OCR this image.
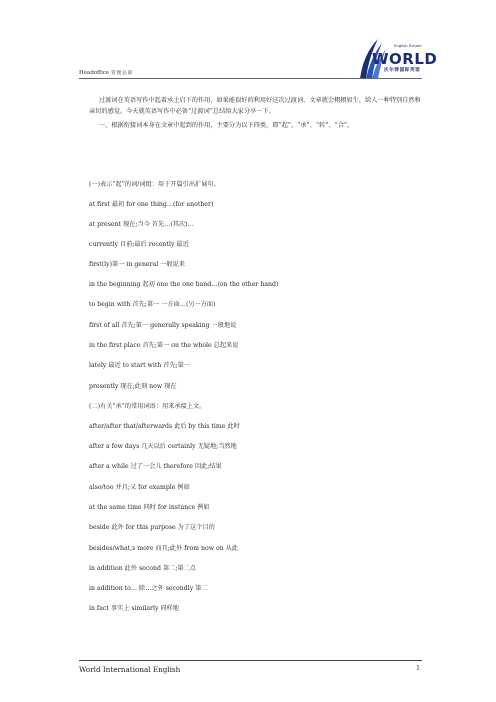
Headoffice 管理总部
English School
WORLD
沃尔得国际英语

过渡词在英语写作中起着承上启下的作用，如果能很好的利用好这次过渡词，文章就会栩栩如生，给人一种特别自然和亲切的感觉。今天就英语写作中必备“过渡词”总结给大家分享一下。

一、根据衔接词本身在文章中起到的作用，主要分为以下四类，即“起”、“承”、“转”、“合”。

(一)表示“起”的词/词组：用于开篇引出扩展句。
at first 最初 for one thing…(for another)
at present 现在;当今 首先…(其次)…
currently 目前;最后 recently 最近
first(ly)第一 in general 一般说来
in the beginning 起初 one the one hand…(on the other hand)
to begin with 首先;第一 一方面…(另一方面)
first of all 首先;第一 generally speaking 一般地说
in the first place 首先;第一 on the whole 总起来说
lately 最近 to start with 首先;第一
presently 现在;此刻 now 现在
(二)有关“承”的常用词语：用来承接上文。
after/after that/afterwards 此后 by this time 此时
after a few days 几天以后 certainly 无疑地;当然地
after a while 过了一会儿 therefore 因此;结果
also/too 并且;又 for example 例如
at the same time 同时 for instance 例如
beside 此外 for this purpose 为了这个目的
besides/what,s more 而且;此外 from now on 从此
in addition 此外 second 第二;第二点
in addition to… 除…之外 secondly 第二
in fact 事实上 similarly 同样地
World International English	1
